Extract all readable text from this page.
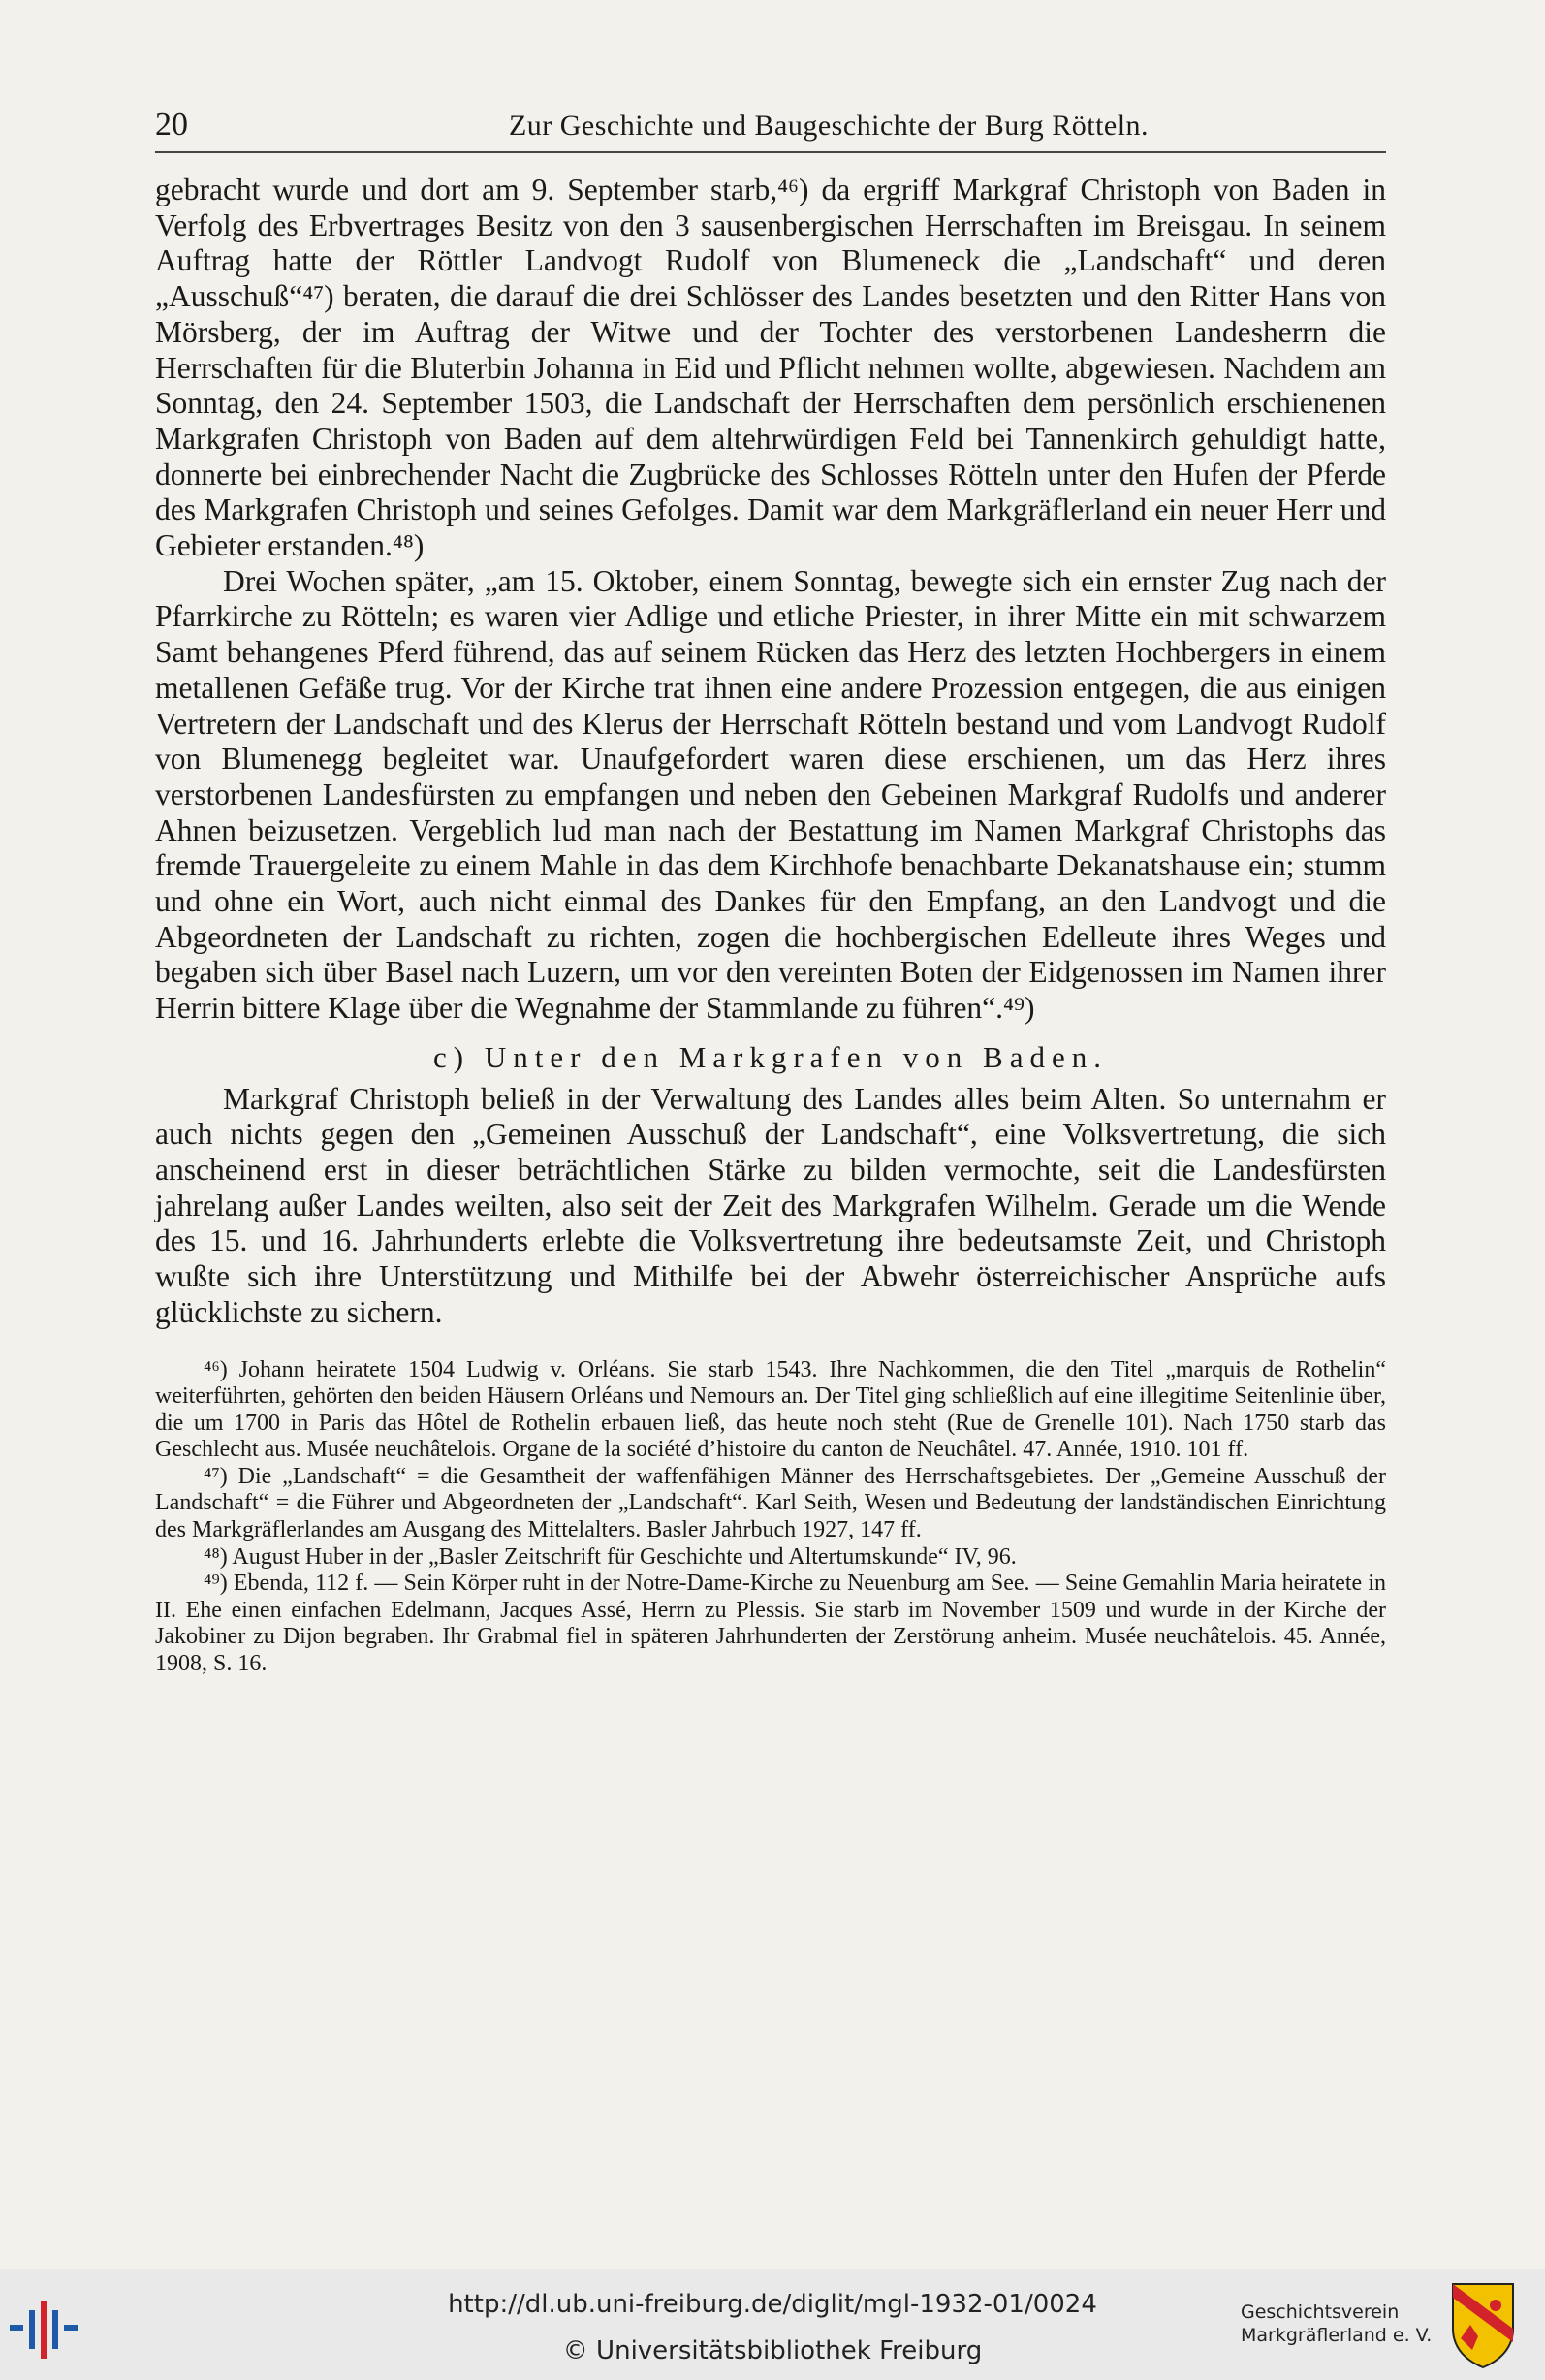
20	Zur Geschichte und Baugeschichte der Burg Rötteln.

gebracht wurde und dort am 9. September starb,⁴⁶) da ergriff Markgraf Christoph von Baden in Verfolg des Erbvertrages Besitz von den 3 sausenbergischen Herrschaften im Breisgau. In seinem Auftrag hatte der Röttler Landvogt Rudolf von Blumeneck die „Landschaft“ und deren „Ausschuß“⁴⁷) beraten, die darauf die drei Schlösser des Landes besetzten und den Ritter Hans von Mörsberg, der im Auftrag der Witwe und der Tochter des verstorbenen Landesherrn die Herrschaften für die Bluterbin Johanna in Eid und Pflicht nehmen wollte, abgewiesen. Nachdem am Sonntag, den 24. September 1503, die Landschaft der Herrschaften dem persönlich erschienenen Markgrafen Christoph von Baden auf dem altehrwürdigen Feld bei Tannenkirch gehuldigt hatte, donnerte bei einbrechender Nacht die Zugbrücke des Schlosses Rötteln unter den Hufen der Pferde des Markgrafen Christoph und seines Gefolges. Damit war dem Markgräflerland ein neuer Herr und Gebieter erstanden.⁴⁸)

Drei Wochen später, „am 15. Oktober, einem Sonntag, bewegte sich ein ernster Zug nach der Pfarrkirche zu Rötteln; es waren vier Adlige und etliche Priester, in ihrer Mitte ein mit schwarzem Samt behangenes Pferd führend, das auf seinem Rücken das Herz des letzten Hochbergers in einem metallenen Gefäße trug. Vor der Kirche trat ihnen eine andere Prozession entgegen, die aus einigen Vertretern der Landschaft und des Klerus der Herrschaft Rötteln bestand und vom Landvogt Rudolf von Blumenegg begleitet war. Unaufgefordert waren diese erschienen, um das Herz ihres verstorbenen Landesfürsten zu empfangen und neben den Gebeinen Markgraf Rudolfs und anderer Ahnen beizusetzen. Vergeblich lud man nach der Bestattung im Namen Markgraf Christophs das fremde Trauergeleite zu einem Mahle in das dem Kirchhofe benachbarte Dekanatshause ein; stumm und ohne ein Wort, auch nicht einmal des Dankes für den Empfang, an den Landvogt und die Abgeordneten der Landschaft zu richten, zogen die hochbergischen Edelleute ihres Weges und begaben sich über Basel nach Luzern, um vor den vereinten Boten der Eidgenossen im Namen ihrer Herrin bittere Klage über die Wegnahme der Stammlande zu führen“.⁴⁹)

c) Unter den Markgrafen von Baden.

Markgraf Christoph beließ in der Verwaltung des Landes alles beim Alten. So unternahm er auch nichts gegen den „Gemeinen Ausschuß der Landschaft“, eine Volksvertretung, die sich anscheinend erst in dieser beträchtlichen Stärke zu bilden vermochte, seit die Landesfürsten jahrelang außer Landes weilten, also seit der Zeit des Markgrafen Wilhelm. Gerade um die Wende des 15. und 16. Jahrhunderts erlebte die Volksvertretung ihre bedeutsamste Zeit, und Christoph wußte sich ihre Unterstützung und Mithilfe bei der Abwehr österreichischer Ansprüche aufs glücklichste zu sichern.

⁴⁶) Johann heiratete 1504 Ludwig v. Orléans. Sie starb 1543. Ihre Nachkommen, die den Titel „marquis de Rothelin“ weiterführten, gehörten den beiden Häusern Orléans und Nemours an. Der Titel ging schließlich auf eine illegitime Seitenlinie über, die um 1700 in Paris das Hôtel de Rothelin erbauen ließ, das heute noch steht (Rue de Grenelle 101). Nach 1750 starb das Geschlecht aus. Musée neuchâtelois. Organe de la société d’histoire du canton de Neuchâtel. 47. Année, 1910. 101 ff.

⁴⁷) Die „Landschaft“ = die Gesamtheit der waffenfähigen Männer des Herrschaftsgebietes. Der „Gemeine Ausschuß der Landschaft“ = die Führer und Abgeordneten der „Landschaft“. Karl Seith, Wesen und Bedeutung der landständischen Einrichtung des Markgräflerlandes am Ausgang des Mittelalters. Basler Jahrbuch 1927, 147 ff.

⁴⁸) August Huber in der „Basler Zeitschrift für Geschichte und Altertumskunde“ IV, 96.

⁴⁹) Ebenda, 112 f. — Sein Körper ruht in der Notre-Dame-Kirche zu Neuenburg am See. — Seine Gemahlin Maria heiratete in II. Ehe einen einfachen Edelmann, Jacques Assé, Herrn zu Plessis. Sie starb im November 1509 und wurde in der Kirche der Jakobiner zu Dijon begraben. Ihr Grabmal fiel in späteren Jahrhunderten der Zerstörung anheim. Musée neuchâtelois. 45. Année, 1908, S. 16.

http://dl.ub.uni-freiburg.de/diglit/mgl-1932-01/0024
© Universitätsbibliothek Freiburg
Geschichtsverein
Markgräflerland e. V.
